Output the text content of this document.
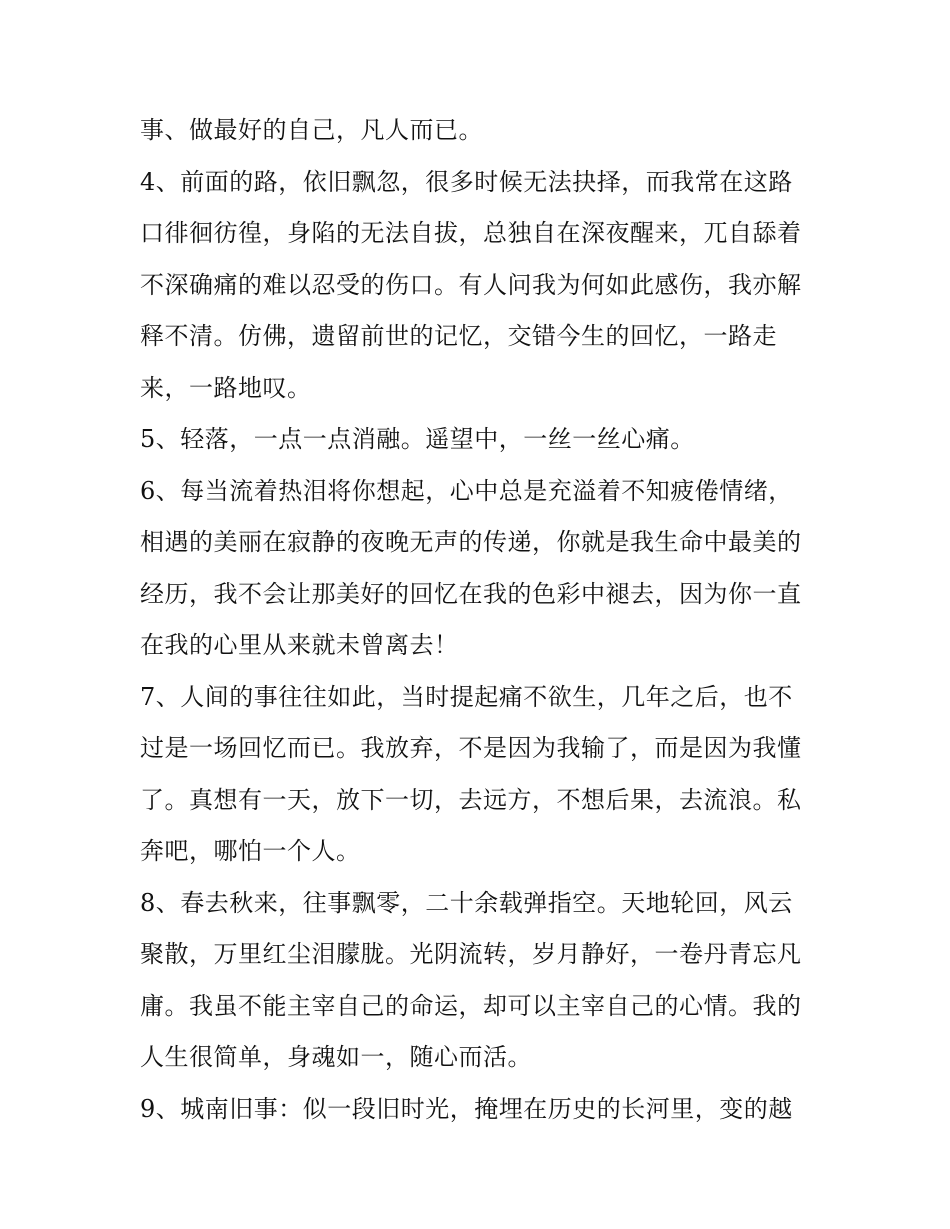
事、做最好的自己，凡人而已。
4、前面的路，依旧飘忽，很多时候无法抉择，而我常在这路
口徘徊彷徨，身陷的无法自拔，总独自在深夜醒来，兀自舔着
不深确痛的难以忍受的伤口。有人问我为何如此感伤，我亦解
释不清。仿佛，遗留前世的记忆，交错今生的回忆，一路走
来，一路地叹。
5、轻落，一点一点消融。遥望中，一丝一丝心痛。
6、每当流着热泪将你想起，心中总是充溢着不知疲倦情绪，
相遇的美丽在寂静的夜晚无声的传递，你就是我生命中最美的
经历，我不会让那美好的回忆在我的色彩中褪去，因为你一直
在我的心里从来就未曾离去！
7、人间的事往往如此，当时提起痛不欲生，几年之后，也不
过是一场回忆而已。我放弃，不是因为我输了，而是因为我懂
了。真想有一天，放下一切，去远方，不想后果，去流浪。私
奔吧，哪怕一个人。
8、春去秋来，往事飘零，二十余载弹指空。天地轮回，风云
聚散，万里红尘泪朦胧。光阴流转，岁月静好，一卷丹青忘凡
庸。我虽不能主宰自己的命运，却可以主宰自己的心情。我的
人生很简单，身魂如一，随心而活。
9、城南旧事：似一段旧时光，掩埋在历史的长河里，变的越
